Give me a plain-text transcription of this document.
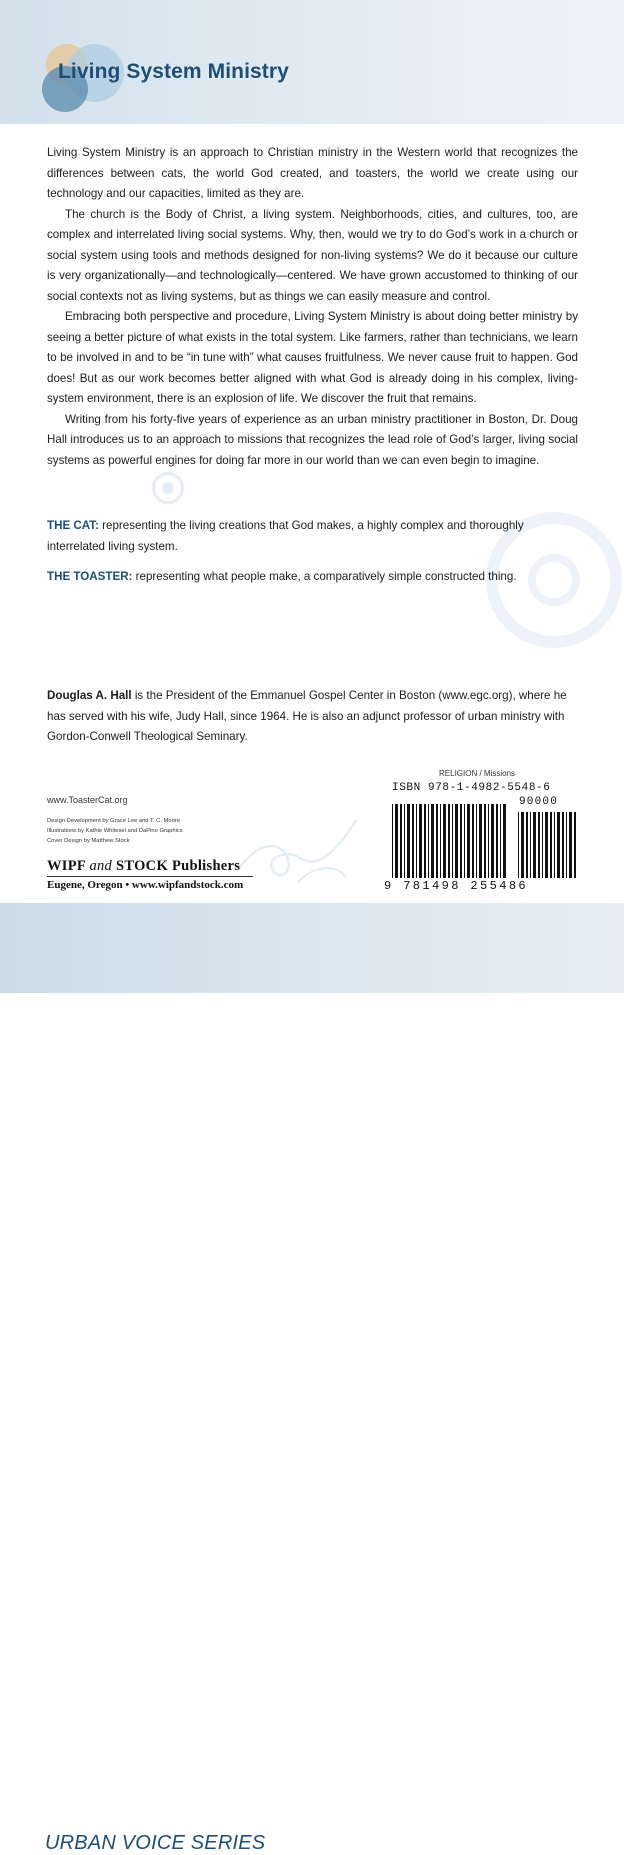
Living System Ministry

Living System Ministry is an approach to Christian ministry in the Western world that recognizes the differences between cats, the world God created, and toasters, the world we create using our technology and our capacities, limited as they are.

The church is the Body of Christ, a living system. Neighborhoods, cities, and cultures, too, are complex and interrelated living social systems. Why, then, would we try to do God’s work in a church or social system using tools and methods designed for non-living systems? We do it because our culture is very organizationally—and technologically—centered. We have grown accustomed to thinking of our social contexts not as living systems, but as things we can easily measure and control.

Embracing both perspective and procedure, Living System Ministry is about doing better ministry by seeing a better picture of what exists in the total system. Like farmers, rather than technicians, we learn to be involved in and to be “in tune with” what causes fruitfulness. We never cause fruit to happen. God does! But as our work becomes better aligned with what God is already doing in his complex, living-system environment, there is an explosion of life. We discover the fruit that remains.

Writing from his forty-five years of experience as an urban ministry practitioner in Boston, Dr. Doug Hall introduces us to an approach to missions that recognizes the lead role of God’s larger, living social systems as powerful engines for doing far more in our world than we can even begin to imagine.

THE CAT: representing the living creations that God makes, a highly complex and thoroughly interrelated living system.

THE TOASTER: representing what people make, a comparatively simple constructed thing.

Douglas A. Hall is the President of the Emmanuel Gospel Center in Boston (www.egc.org), where he has served with his wife, Judy Hall, since 1964. He is also an adjunct professor of urban ministry with Gordon-Conwell Theological Seminary.

www.ToasterCat.org

Design Development by Grace Lee and T. C. Moore
Illustrations by Kathie Whitesel and DaPino Graphics
Cover Design by Matthew Stock

WIPF and STOCK Publishers

Eugene, Oregon • www.wipfandstock.com

RELIGION / Missions

ISBN 978-1-4982-5548-6

90000

9 781498 255486

URBAN VOICE SERIES
